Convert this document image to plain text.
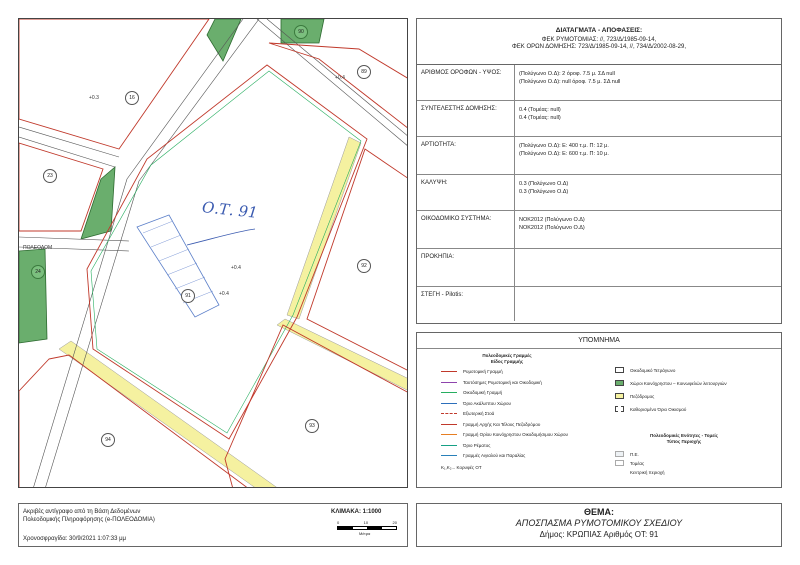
90
89
16
23
24
91
92
93
94
ΠΟΛΕΟΔΟΜ
+0.3
+0.4
+0.4
+0.4
Ο.Τ. 91
ΔΙΑΤΑΓΜΑΤΑ - ΑΠΟΦΑΣΕΙΣ:
ΦΕΚ ΡΥΜΟΤΟΜΙΑΣ: //, 723/Δ/1985-09-14,
ΦΕΚ ΟΡΩΝ ΔΟΜΗΣΗΣ: 723/Δ/1985-09-14, //, 734/Δ/2002-08-29,
ΑΡΙΘΜΟΣ ΟΡΟΦΩΝ - ΥΨΟΣ:	(Πολύγωνο Ο.Δ): 2 όροφ. 7.5 μ. ΣΔ null
(Πολύγωνο Ο.Δ): null όροφ. 7.5 μ. ΣΔ null
ΣΥΝΤΕΛΕΣΤΗΣ ΔΟΜΗΣΗΣ:	0.4 (Τομέας: null)
0.4 (Τομέας: null)
ΑΡΤΙΟΤΗΤΑ:	(Πολύγωνο Ο.Δ): Ε: 400 τ.μ. Π: 12 μ.
(Πολύγωνο Ο.Δ): Ε: 600 τ.μ. Π: 10 μ.
ΚΑΛΥΨΗ:	0.3 (Πολύγωνο Ο.Δ)
0.3 (Πολύγωνο Ο.Δ)
ΟΙΚΟΔΟΜΙΚΟ ΣΥΣΤΗΜΑ:	ΝΟΚ2012 (Πολύγωνο Ο.Δ)
ΝΟΚ2012 (Πολύγωνο Ο.Δ)
ΠΡΟΚΗΠΙΑ:
ΣΤΕΓΗ - Pilotis:
ΥΠΟΜΝΗΜΑ
Πολεοδομικές Γραμμές
Είδος Γραμμής
Ρυμοτομική Γραμμή
Ταυτόσημες Ρυμοτομική και Οικοδομική
Οικοδομική Γραμμή
Όριο Ακάλυπτου Χώρου
Εξωτερική Στοά
Γραμμή Αρχής Και Τέλους Πεζοδρόμου
Γραμμή Ορίου Κοινόχρηστου Οικοδομήσιμου Χώρου
Όριο Ρέματος
Γραμμές Αιγιαλού και Παραλίας
Κ₁,Κ₂... Κορυφές ΟΤ
Οικοδομικό Τετράγωνο
Χώροι Κοινόχρηστου – Κοινωφελών λειτουργιών
Πεζόδρομος
Καθορισμένο Όριο Οικισμού
Πολεοδομικές Ενότητες - Τομείς
Τύπος Περιοχής
Π.Ε.
Τομέας
Κεντρική περιοχή
Ακριβές αντίγραφο από τη Βάση Δεδομένων
Πολεοδομικής Πληροφόρησης (e-ΠΟΛΕΟΔΟΜΙΑ)
Χρονοσφραγίδα: 30/9/2021 1:07:33 μμ
ΚΛΙΜΑΚΑ: 1:1000
0	10	20
Μέτρα
ΘΕΜΑ:
ΑΠΟΣΠΑΣΜΑ ΡΥΜΟΤΟΜΙΚΟΥ ΣΧΕΔΙΟΥ
Δήμος: ΚΡΩΠΙΑΣ Αριθμός ΟΤ: 91
